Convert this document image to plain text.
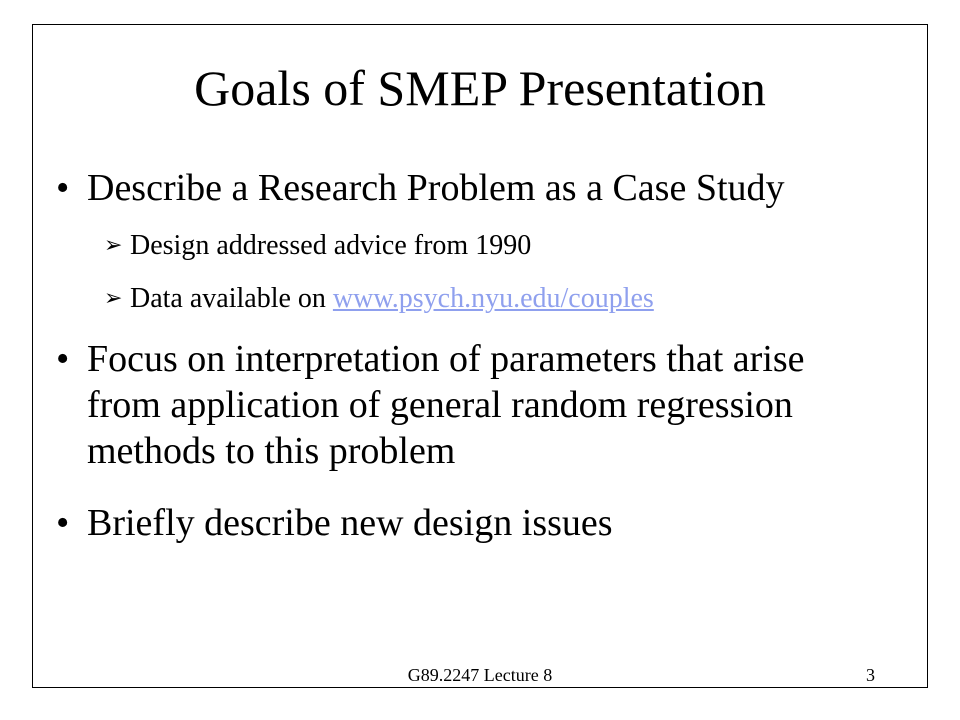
Goals of SMEP Presentation
• Describe a Research Problem as a Case Study
➢ Design addressed advice from 1990
➢ Data available on www.psych.nyu.edu/couples
• Focus on interpretation of parameters that arise
from application of general random regression
methods to this problem
• Briefly describe new design issues
G89.2247 Lecture 8	3
